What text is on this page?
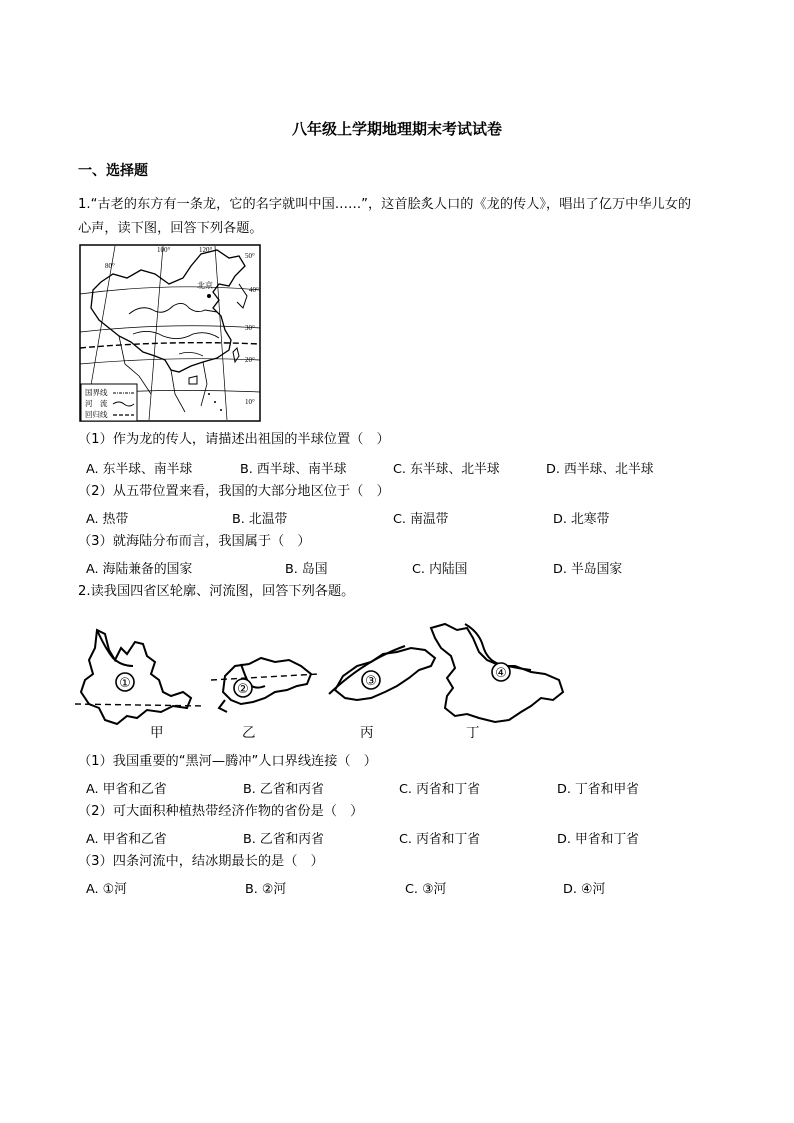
八年级上学期地理期末考试试卷
一、选择题
1.“古老的东方有一条龙，它的名字就叫中国……”，这首脍炙人口的《龙的传人》，唱出了亿万中华儿女的
心声，读下图，回答下列各题。
北京
100°	120°
80°
50°
40°
30°
20°
10°
国界线
河　流
回归线
（1）作为龙的传人，请描述出祖国的半球位置（　）
A. 东半球、南半球	B. 西半球、南半球	C. 东半球、北半球	D. 西半球、北半球
（2）从五带位置来看，我国的大部分地区位于（　）
A. 热带	B. 北温带	C. 南温带	D. 北寒带
（3）就海陆分布而言，我国属于（　）
A. 海陆兼备的国家	B. 岛国	C. 内陆国	D. 半岛国家
2.读我国四省区轮廓、河流图，回答下列各题。
①	②
③
④
甲	乙	丙	丁
（1）我国重要的“黑河—腾冲”人口界线连接（　）
A. 甲省和乙省	B. 乙省和丙省	C. 丙省和丁省	D. 丁省和甲省
（2）可大面积种植热带经济作物的省份是（　）
A. 甲省和乙省	B. 乙省和丙省	C. 丙省和丁省	D. 甲省和丁省
（3）四条河流中，结冰期最长的是（　）
A. ①河	B. ②河	C. ③河	D. ④河
